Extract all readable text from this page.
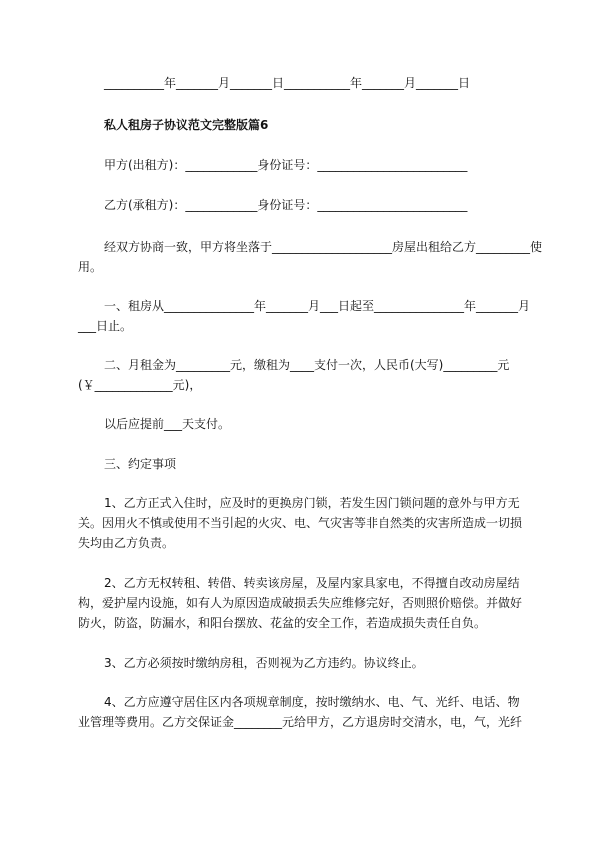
__________年_______月_______日___________年_______月_______日
私人租房子协议范文完整版篇6
甲方(出租方)：____________身份证号：_________________________
乙方(承租方)：____________身份证号：_________________________
经双方协商一致，甲方将坐落于____________________房屋出租给乙方_________使
用。
一、租房从_______________年_______月___日起至_______________年_______月
___日止。
二、月租金为_________元，缴租为____支付一次，人民币(大写)_________元
(￥_____________元)，
以后应提前___天支付。
三、约定事项
1、乙方正式入住时，应及时的更换房门锁，若发生因门锁问题的意外与甲方无
关。因用火不慎或使用不当引起的火灾、电、气灾害等非自然类的灾害所造成一切损
失均由乙方负责。
2、乙方无权转租、转借、转卖该房屋，及屋内家具家电，不得擅自改动房屋结
构，爱护屋内设施，如有人为原因造成破损丢失应维修完好，否则照价赔偿。并做好
防火，防盗，防漏水，和阳台摆放、花盆的安全工作，若造成损失责任自负。
3、乙方必须按时缴纳房租，否则视为乙方违约。协议终止。
4、乙方应遵守居住区内各项规章制度，按时缴纳水、电、气、光纤、电话、物
业管理等费用。乙方交保证金________元给甲方，乙方退房时交清水，电，气，光纤
